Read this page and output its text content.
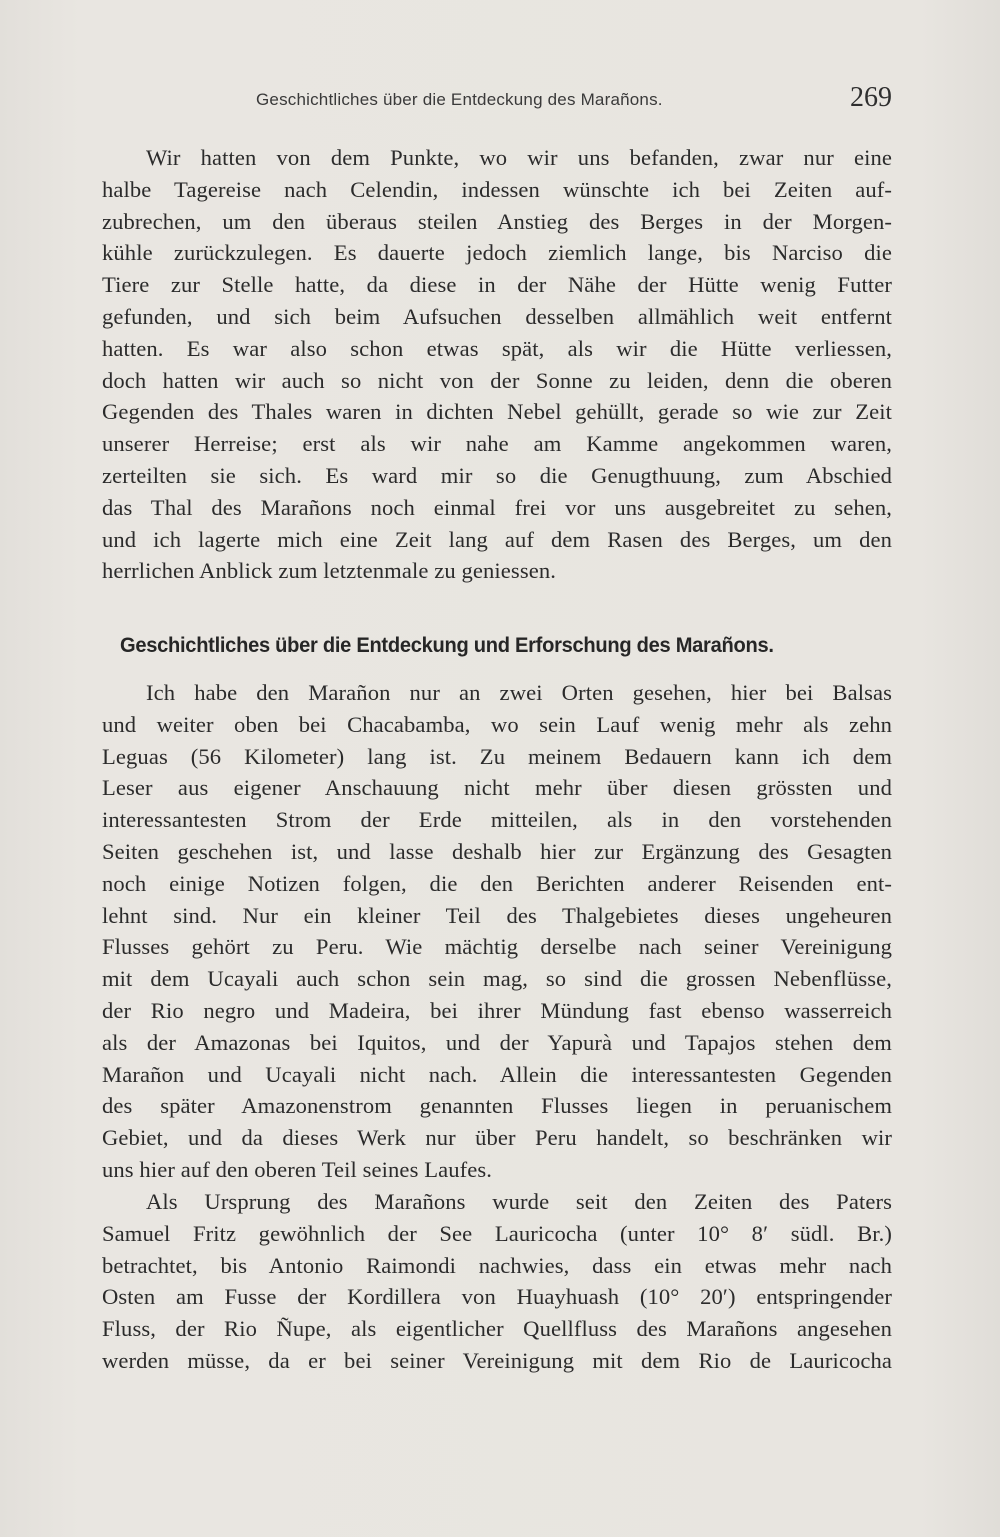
Geschichtliches über die Entdeckung des Marañons.	269
Wir hatten von dem Punkte, wo wir uns befanden, zwar nur eine
halbe Tagereise nach Celendin, indessen wünschte ich bei Zeiten auf-
zubrechen, um den überaus steilen Anstieg des Berges in der Morgen-
kühle zurückzulegen. Es dauerte jedoch ziemlich lange, bis Narciso die
Tiere zur Stelle hatte, da diese in der Nähe der Hütte wenig Futter
gefunden, und sich beim Aufsuchen desselben allmählich weit entfernt
hatten. Es war also schon etwas spät, als wir die Hütte verliessen,
doch hatten wir auch so nicht von der Sonne zu leiden, denn die oberen
Gegenden des Thales waren in dichten Nebel gehüllt, gerade so wie zur Zeit
unserer Herreise; erst als wir nahe am Kamme angekommen waren,
zerteilten sie sich. Es ward mir so die Genugthuung, zum Abschied
das Thal des Marañons noch einmal frei vor uns ausgebreitet zu sehen,
und ich lagerte mich eine Zeit lang auf dem Rasen des Berges, um den
herrlichen Anblick zum letztenmale zu geniessen.
Geschichtliches über die Entdeckung und Erforschung des Marañons.
Ich habe den Marañon nur an zwei Orten gesehen, hier bei Balsas
und weiter oben bei Chacabamba, wo sein Lauf wenig mehr als zehn
Leguas (56 Kilometer) lang ist. Zu meinem Bedauern kann ich dem
Leser aus eigener Anschauung nicht mehr über diesen grössten und
interessantesten Strom der Erde mitteilen, als in den vorstehenden
Seiten geschehen ist, und lasse deshalb hier zur Ergänzung des Gesagten
noch einige Notizen folgen, die den Berichten anderer Reisenden ent-
lehnt sind. Nur ein kleiner Teil des Thalgebietes dieses ungeheuren
Flusses gehört zu Peru. Wie mächtig derselbe nach seiner Vereinigung
mit dem Ucayali auch schon sein mag, so sind die grossen Nebenflüsse,
der Rio negro und Madeira, bei ihrer Mündung fast ebenso wasserreich
als der Amazonas bei Iquitos, und der Yapurà und Tapajos stehen dem
Marañon und Ucayali nicht nach. Allein die interessantesten Gegenden
des später Amazonenstrom genannten Flusses liegen in peruanischem
Gebiet, und da dieses Werk nur über Peru handelt, so beschränken wir
uns hier auf den oberen Teil seines Laufes.
Als Ursprung des Marañons wurde seit den Zeiten des Paters
Samuel Fritz gewöhnlich der See Lauricocha (unter 10° 8′ südl. Br.)
betrachtet, bis Antonio Raimondi nachwies, dass ein etwas mehr nach
Osten am Fusse der Kordillera von Huayhuash (10° 20′) entspringender
Fluss, der Rio Ñupe, als eigentlicher Quellfluss des Marañons angesehen
werden müsse, da er bei seiner Vereinigung mit dem Rio de Lauricocha
